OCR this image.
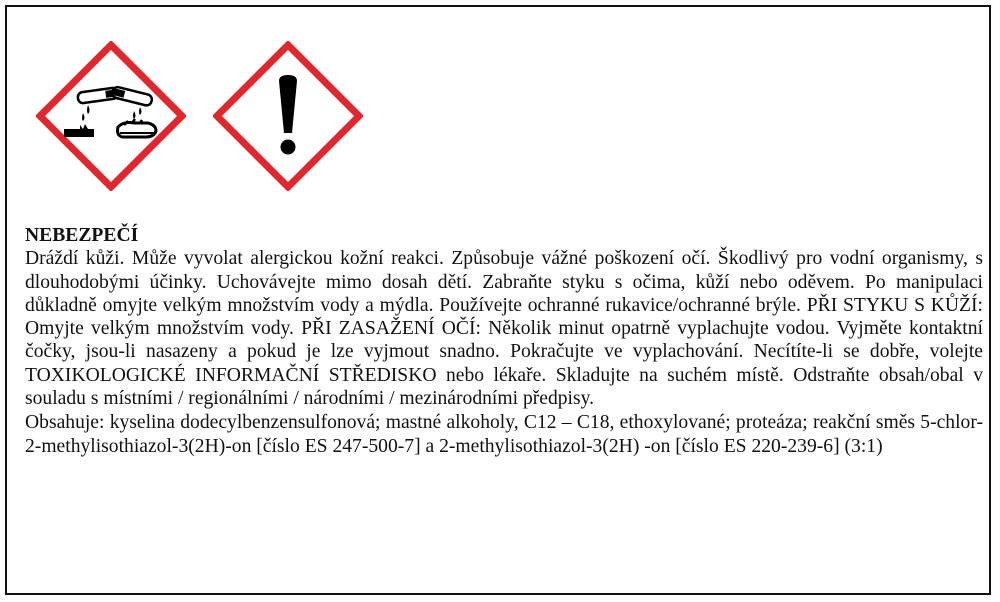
NEBEZPEČÍ

Dráždí kůži. Může vyvolat alergickou kožní reakci. Způsobuje vážné poškození očí. Škodlivý pro vodní organismy, s dlouhodobými účinky. Uchovávejte mimo dosah dětí. Zabraňte styku s očima, kůží nebo oděvem. Po manipulaci důkladně omyjte velkým množstvím vody a mýdla. Používejte ochranné rukavice/ochranné brýle. PŘI STYKU S KŮŽÍ: Omyjte velkým množstvím vody. PŘI ZASAŽENÍ OČÍ: Několik minut opatrně vyplachujte vodou. Vyjměte kontaktní čočky, jsou-li nasazeny a pokud je lze vyjmout snadno. Pokračujte ve vyplachování. Necítíte-li se dobře, volejte TOXIKOLOGICKÉ INFORMAČNÍ STŘEDISKO nebo lékaře. Skladujte na suchém místě. Odstraňte obsah/obal v souladu s místními / regionálními / národními / mezinárodními předpisy.

Obsahuje: kyselina dodecylbenzensulfonová; mastné alkoholy, C12 – C18, ethoxylované; proteáza; reakční směs 5-chlor-2-methylisothiazol-3(2H)-on [číslo ES 247-500-7] a 2-methylisothiazol-3(2H) -on [číslo ES 220-239-6] (3:1)
